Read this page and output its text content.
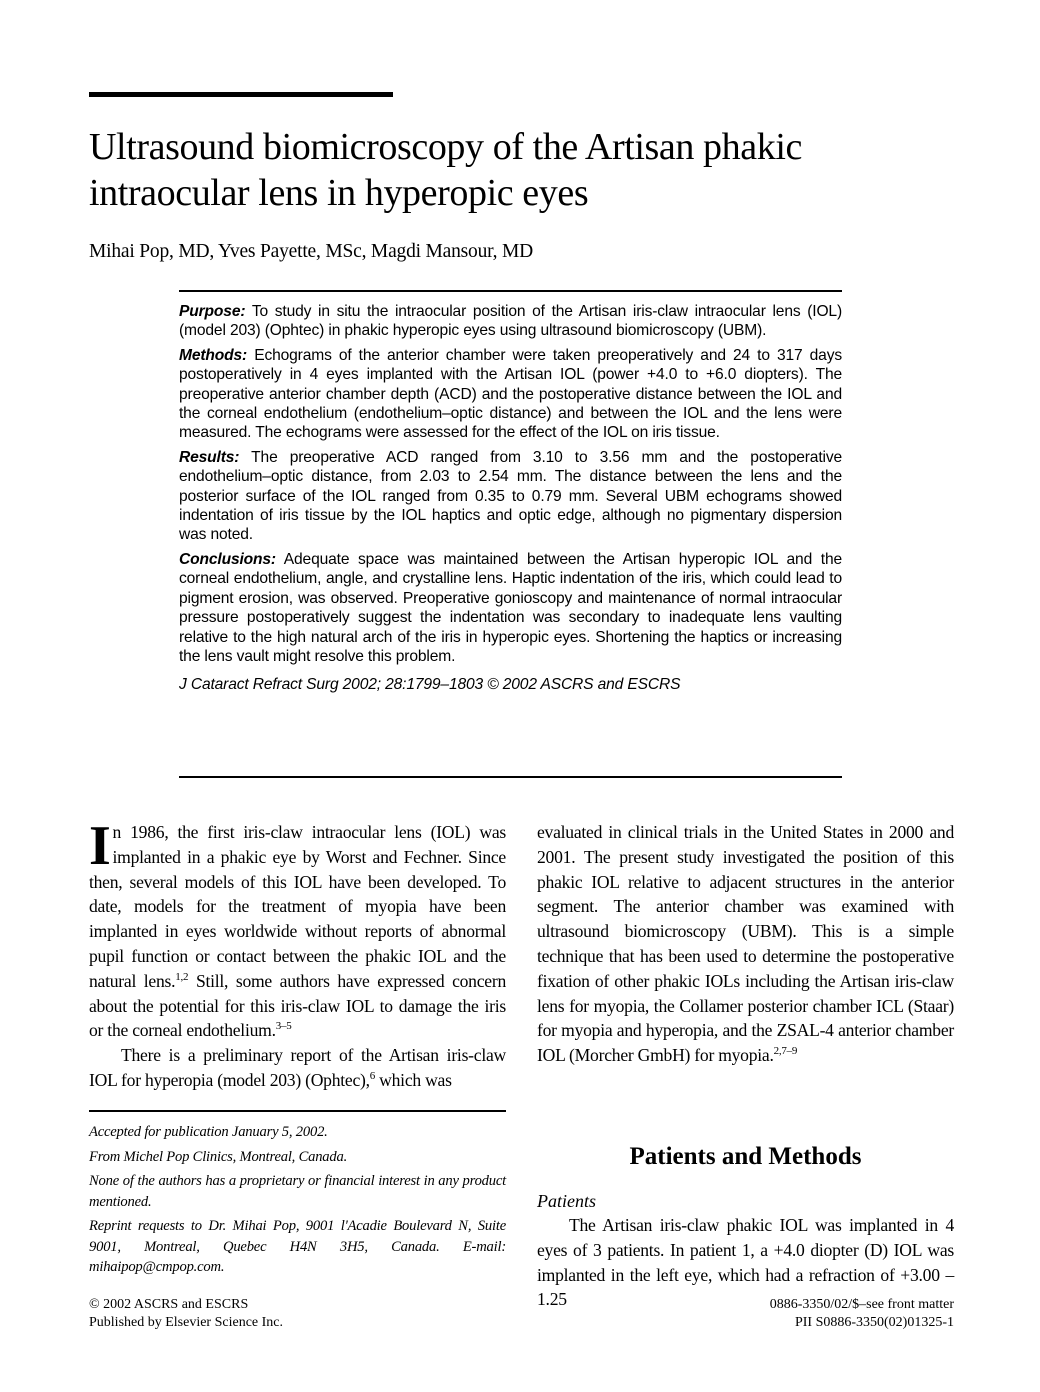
Ultrasound biomicroscopy of the Artisan phakic intraocular lens in hyperopic eyes
Mihai Pop, MD, Yves Payette, MSc, Magdi Mansour, MD

Purpose: To study in situ the intraocular position of the Artisan iris-claw intraocular lens (IOL) (model 203) (Ophtec) in phakic hyperopic eyes using ultrasound biomicroscopy (UBM).

Methods: Echograms of the anterior chamber were taken preoperatively and 24 to 317 days postoperatively in 4 eyes implanted with the Artisan IOL (power +4.0 to +6.0 diopters). The preoperative anterior chamber depth (ACD) and the postoperative distance between the IOL and the corneal endothelium (endothelium–optic distance) and between the IOL and the lens were measured. The echograms were assessed for the effect of the IOL on iris tissue.

Results: The preoperative ACD ranged from 3.10 to 3.56 mm and the postoperative endothelium–optic distance, from 2.03 to 2.54 mm. The distance between the lens and the posterior surface of the IOL ranged from 0.35 to 0.79 mm. Several UBM echograms showed indentation of iris tissue by the IOL haptics and optic edge, although no pigmentary dispersion was noted.

Conclusions: Adequate space was maintained between the Artisan hyperopic IOL and the corneal endothelium, angle, and crystalline lens. Haptic indentation of the iris, which could lead to pigment erosion, was observed. Preoperative gonioscopy and maintenance of normal intraocular pressure postoperatively suggest the indentation was secondary to inadequate lens vaulting relative to the high natural arch of the iris in hyperopic eyes. Shortening the haptics or increasing the lens vault might resolve this problem.

J Cataract Refract Surg 2002; 28:1799–1803 © 2002 ASCRS and ESCRS

In 1986, the first iris-claw intraocular lens (IOL) was implanted in a phakic eye by Worst and Fechner. Since then, several models of this IOL have been developed. To date, models for the treatment of myopia have been implanted in eyes worldwide without reports of abnormal pupil function or contact between the phakic IOL and the natural lens.$^{1,2}$ Still, some authors have expressed concern about the potential for this iris-claw IOL to damage the iris or the corneal endothelium.$^{3-5}$

There is a preliminary report of the Artisan iris-claw IOL for hyperopia (model 203) (Ophtec),$^6$ which was

evaluated in clinical trials in the United States in 2000 and 2001. The present study investigated the position of this phakic IOL relative to adjacent structures in the anterior segment. The anterior chamber was examined with ultrasound biomicroscopy (UBM). This is a simple technique that has been used to determine the postoperative fixation of other phakic IOLs including the Artisan iris-claw lens for myopia, the Collamer posterior chamber ICL (Staar) for myopia and hyperopia, and the ZSAL-4 anterior chamber IOL (Morcher GmbH) for myopia.$^{2,7-9}$

Accepted for publication January 5, 2002.

From Michel Pop Clinics, Montreal, Canada.

None of the authors has a proprietary or financial interest in any product mentioned.

Reprint requests to Dr. Mihai Pop, 9001 l'Acadie Boulevard N, Suite 9001, Montreal, Quebec H4N 3H5, Canada. E-mail: mihaipop@cmpop.com.

Patients and Methods
Patients

The Artisan iris-claw phakic IOL was implanted in 4 eyes of 3 patients. In patient 1, a +4.0 diopter (D) IOL was implanted in the left eye, which had a refraction of +3.00 –1.25

© 2002 ASCRS and ESCRS
Published by Elsevier Science Inc.
0886-3350/02/$–see front matter
PII S0886-3350(02)01325-1
